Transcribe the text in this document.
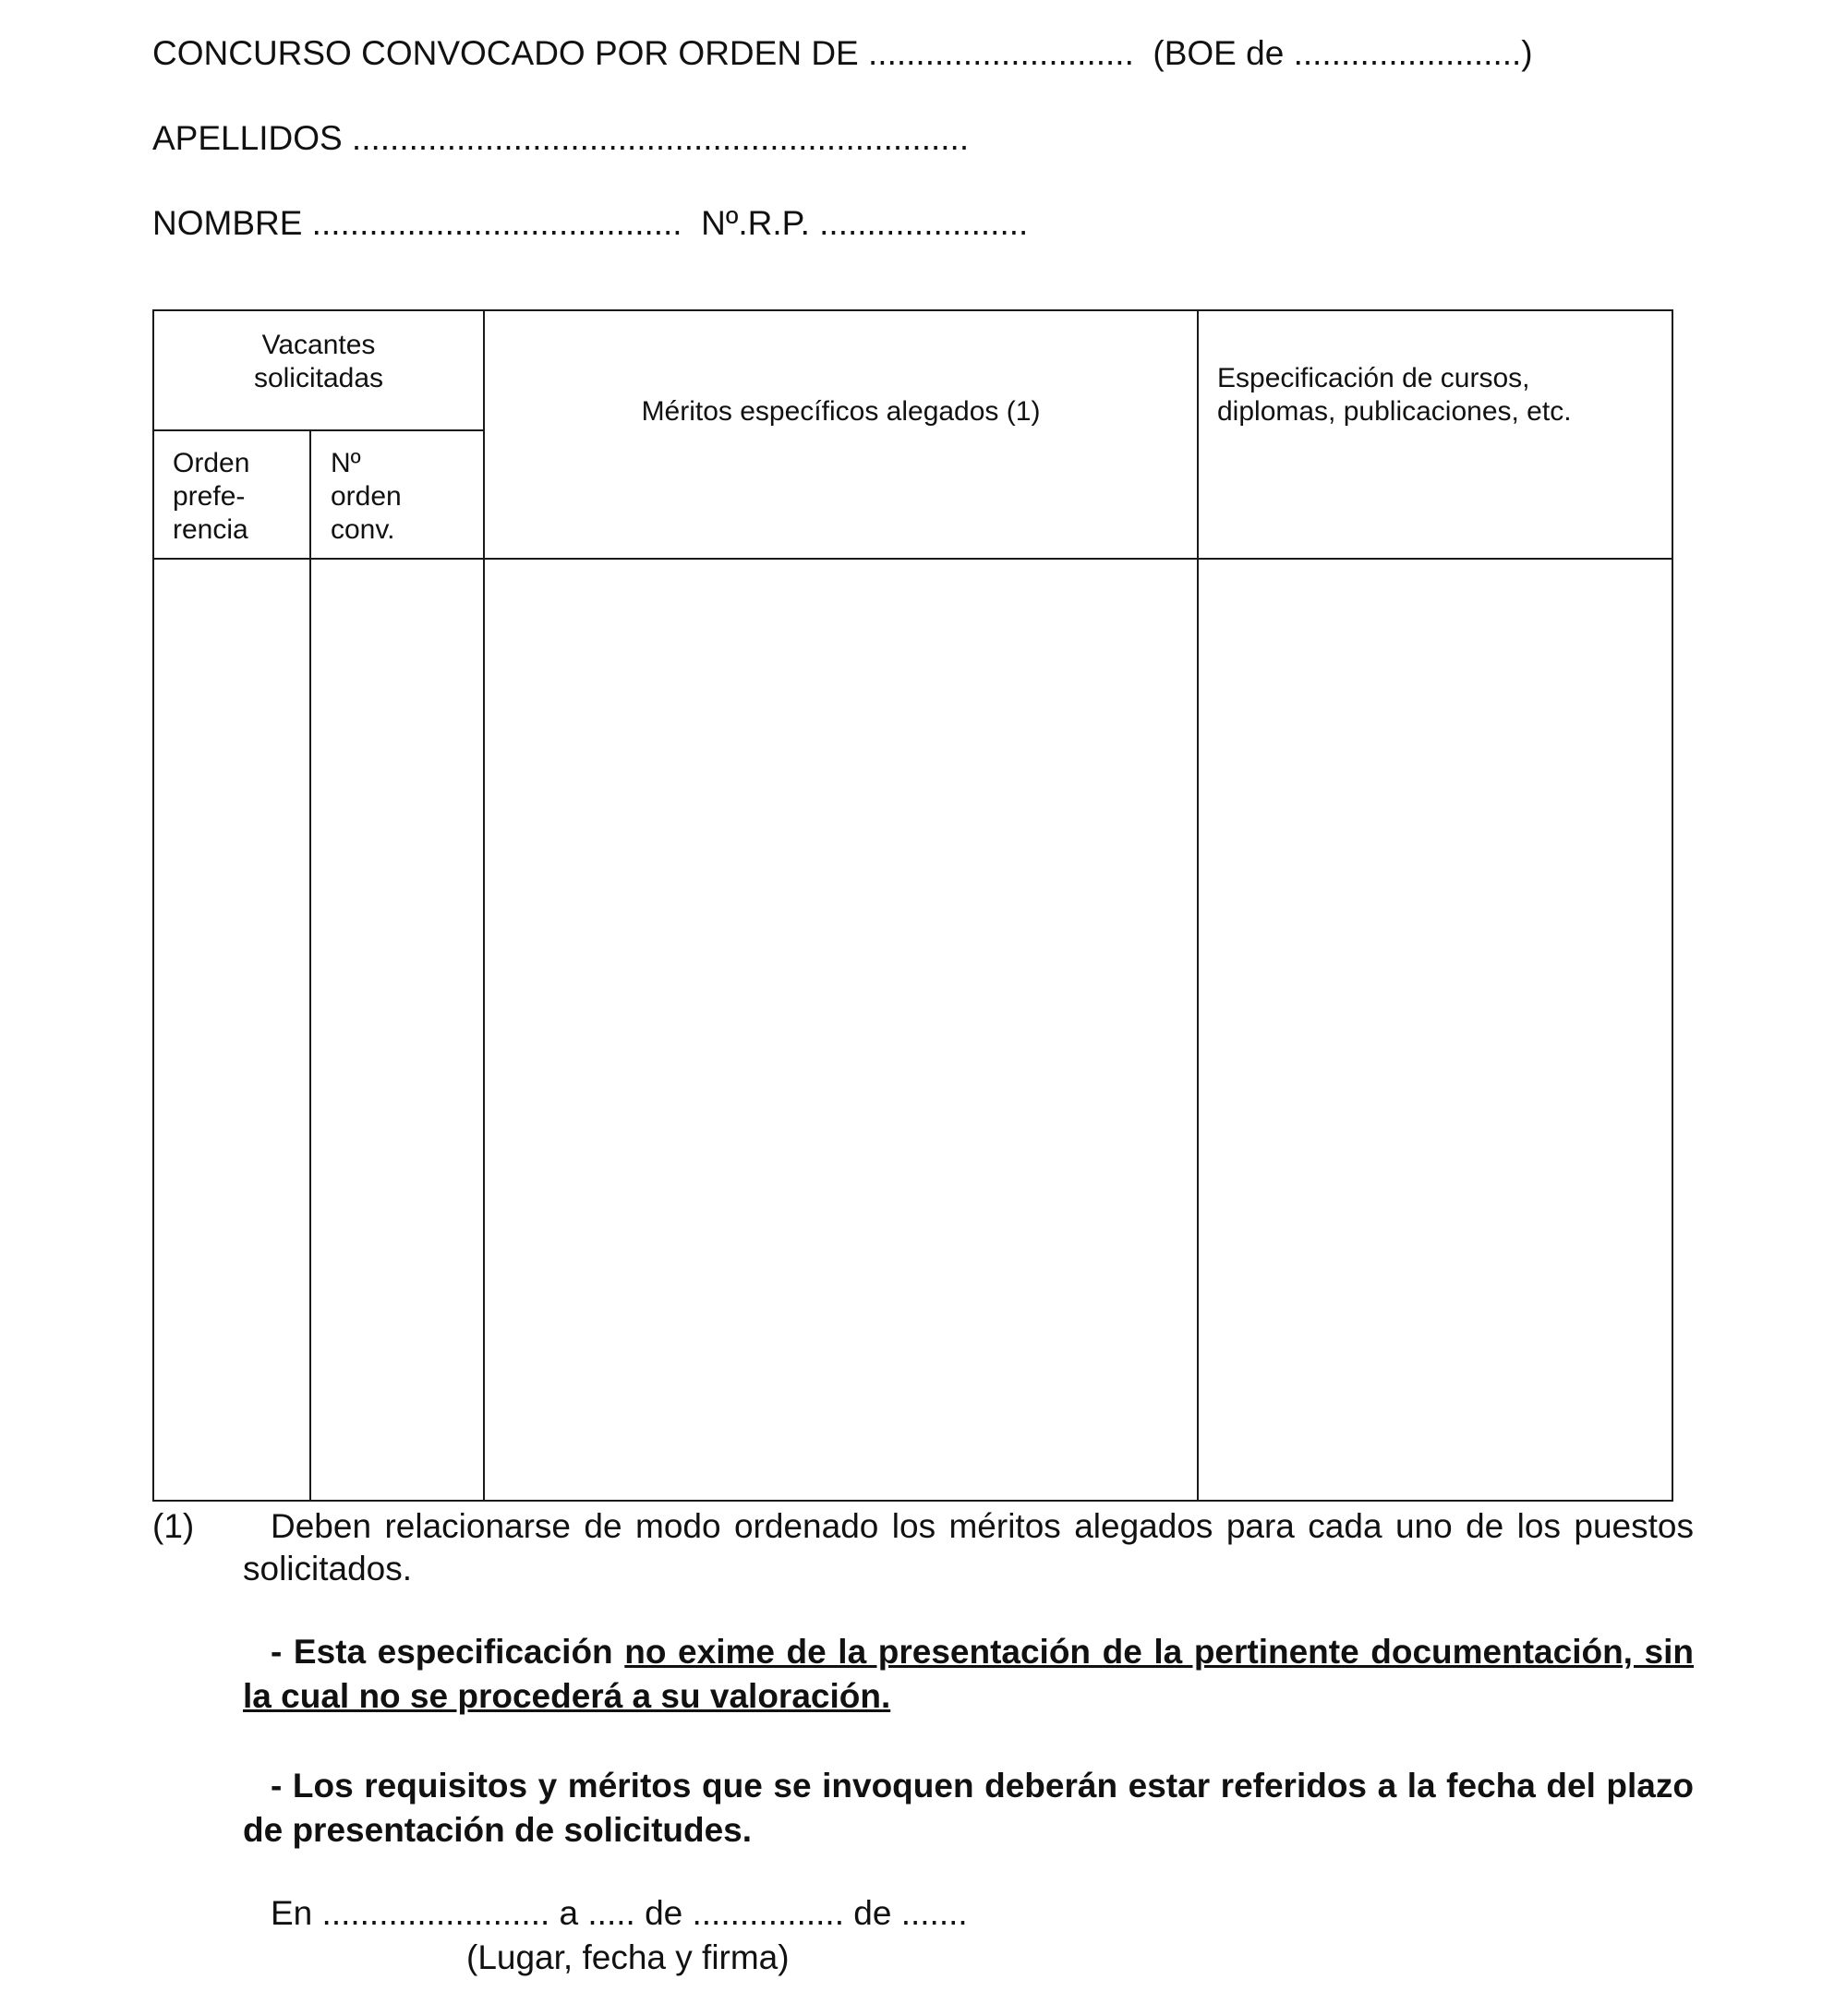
CONCURSO CONVOCADO POR ORDEN DE ............................  (BOE de ........................)
APELLIDOS .................................................................
NOMBRE .......................................  Nº.R.P. ......................
Vacantes
solicitadas
Orden
prefe-
rencia
Nº
orden
conv.
Méritos específicos alegados (1)
Especificación de cursos,
diplomas, publicaciones, etc.
(1)	Deben relacionarse de modo ordenado los méritos alegados para cada uno de los puestos solicitados.
- Esta especificación no exime de la presentación de la pertinente documentación, sin la cual no se procederá a su valoración.
- Los requisitos y méritos que se invoquen deberán estar referidos a la fecha del plazo de presentación de solicitudes.
En ........................ a ..... de ................ de .......
(Lugar, fecha y firma)
